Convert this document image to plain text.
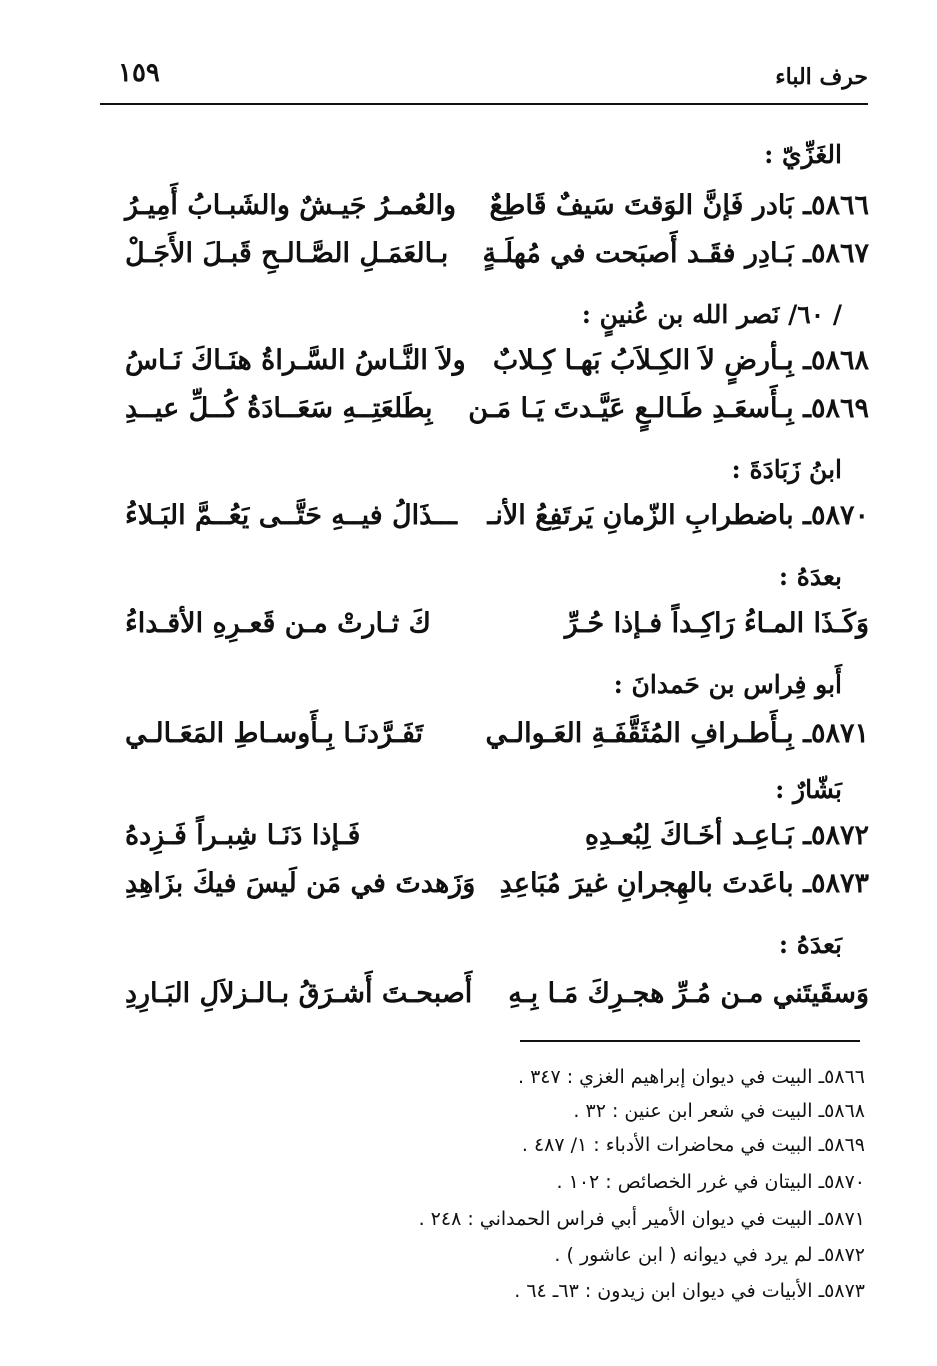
حرف الباء
١٥٩
الغَزِّيّ :
٥٨٦٦ـ بَادر فَإنَّ الوَقتَ سَيفٌ قَاطِعٌ
والعُمـرُ جَيـشٌ والشَبـابُ أَمِيـرُ
٥٨٦٧ـ بَـادِر فقَـد أَصبَحت في مُهلَـةٍ
بـالعَمَـلِ الصَّـالـحِ قَبـلَ الأَجَـلْ
/ ٦٠/ نَصر الله بن عُنينٍ :
٥٨٦٨ـ بِـأرضٍ لاَ الكِـلاَبُ بَهـا كِـلابٌ
ولاَ النَّـاسُ السَّـراةُ هنَـاكَ نَـاسُ
٥٨٦٩ـ بِـأَسعَـدِ طَـالـعٍ عَيَّـدتَ يَـا مَـن
بِطَلعَتِــهِ سَعَــادَةُ كُــلِّ عيــدِ
ابنُ زَبَادَةَ :
٥٨٧٠ـ باضطرابِ الزّمانِ يَرتَفِعُ الأنـ
ـــذَالُ فيــهِ حَتَّــى يَعُــمَّ البَـلاءُ
بعدَهُ :
وَكَـذَا المـاءُ رَاكِـداً فـإذا حُـرِّ
كَ ثـارتْ مـن قَعـرِهِ الأقـداءُ
أَبو فِراس بن حَمدانَ :
٥٨٧١ـ بِـأَطـرافِ المُثَقَّفَـةِ العَـوالـي
تَفَـرَّدنَـا بِـأَوسـاطِ المَعَـالـي
بَشّارٌ :
٥٨٧٢ـ بَـاعِـد أخَـاكَ لِبُعـدِهِ
فَـإذا دَنَـا شِبـراً فَـزِدهُ
٥٨٧٣ـ باعَدتَ بالهِجرانِ غيرَ مُبَاعِدِ
وَزَهدتَ في مَن لَيسَ فيكَ بزَاهِدِ
بَعدَهُ :
وَسقَيتَني مـن مُـرِّ هجـرِكَ مَـا بِـهِ
أَصبحـتَ أَشـرَقُ بـالـزلاَلِ البَـارِدِ
٥٨٦٦ـ البيت في ديوان إبراهيم الغزي : ٣٤٧ .
٥٨٦٨ـ البيت في شعر ابن عنين : ٣٢ .
٥٨٦٩ـ البيت في محاضرات الأدباء : ١/ ٤٨٧ .
٥٨٧٠ـ البيتان في غرر الخصائص : ١٠٢ .
٥٨٧١ـ البيت في ديوان الأمير أبي فراس الحمداني : ٢٤٨ .
٥٨٧٢ـ لم يرد في ديوانه ( ابن عاشور ) .
٥٨٧٣ـ الأبيات في ديوان ابن زيدون : ٦٣ـ ٦٤ .
